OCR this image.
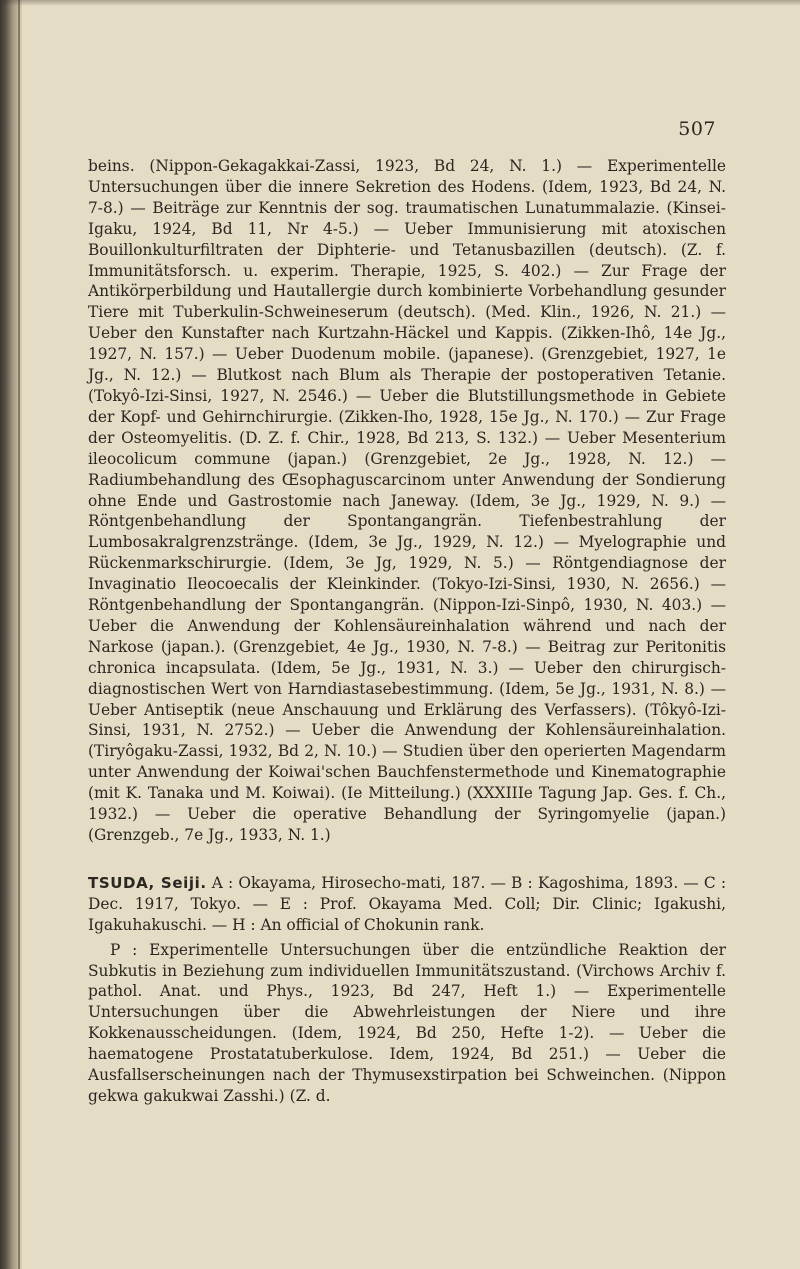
507

beins. (Nippon-Gekagakkai-Zassi, 1923, Bd 24, N. 1.) — Experimentelle Untersuchungen über die innere Sekretion des Hodens. (Idem, 1923, Bd 24, N. 7-8.) — Beiträge zur Kenntnis der sog. traumatischen Lunatummalazie. (Kinsei-Igaku, 1924, Bd 11, Nr 4-5.) — Ueber Immunisierung mit atoxischen Bouillonkulturfiltraten der Diphterie- und Tetanusbazillen (deutsch). (Z. f. Immunitätsforsch. u. experim. Therapie, 1925, S. 402.) — Zur Frage der Antikörperbildung und Hautallergie durch kombinierte Vorbehandlung gesunder Tiere mit Tuberkulin-Schweineserum (deutsch). (Med. Klin., 1926, N. 21.) — Ueber den Kunstafter nach Kurtzahn-Häckel und Kappis. (Zikken-Ihô, 14e Jg., 1927, N. 157.) — Ueber Duodenum mobile. (japanese). (Grenzgebiet, 1927, 1e Jg., N. 12.) — Blutkost nach Blum als Therapie der postoperativen Tetanie. (Tokyô-Izi-Sinsi, 1927, N. 2546.) — Ueber die Blutstillungsmethode in Gebiete der Kopf- und Gehirnchirurgie. (Zikken-Iho, 1928, 15e Jg., N. 170.) — Zur Frage der Osteomyelitis. (D. Z. f. Chir., 1928, Bd 213, S. 132.) — Ueber Mesenterium ileocolicum commune (japan.) (Grenzgebiet, 2e Jg., 1928, N. 12.) — Radiumbehandlung des Œsophaguscarcinom unter Anwendung der Sondierung ohne Ende und Gastrostomie nach Janeway. (Idem, 3e Jg., 1929, N. 9.) — Röntgenbehandlung der Spontangangrän. Tiefenbestrahlung der Lumbosakralgrenzstränge. (Idem, 3e Jg., 1929, N. 12.) — Myelographie und Rückenmarkschirurgie. (Idem, 3e Jg, 1929, N. 5.) — Röntgendiagnose der Invaginatio Ileocoecalis der Kleinkinder. (Tokyo-Izi-Sinsi, 1930, N. 2656.) — Röntgenbehandlung der Spontangangrän. (Nippon-Izi-Sinpô, 1930, N. 403.) — Ueber die Anwendung der Kohlensäureinhalation während und nach der Narkose (japan.). (Grenzgebiet, 4e Jg., 1930, N. 7-8.) — Beitrag zur Peritonitis chronica incapsulata. (Idem, 5e Jg., 1931, N. 3.) — Ueber den chirurgisch-diagnostischen Wert von Harndiastasebestimmung. (Idem, 5e Jg., 1931, N. 8.) — Ueber Antiseptik (neue Anschauung und Erklärung des Verfassers). (Tôkyô-Izi-Sinsi, 1931, N. 2752.) — Ueber die Anwendung der Kohlensäureinhalation. (Tiryôgaku-Zassi, 1932, Bd 2, N. 10.) — Studien über den operierten Magendarm unter Anwendung der Koiwai'schen Bauchfenstermethode und Kinematographie (mit K. Tanaka und M. Koiwai). (Ie Mitteilung.) (XXXIIIe Tagung Jap. Ges. f. Ch., 1932.) — Ueber die operative Behandlung der Syringomyelie (japan.) (Grenzgeb., 7e Jg., 1933, N. 1.)

TSUDA, Seiji. A : Okayama, Hirosecho-mati, 187. — B : Kagoshima, 1893. — C : Dec. 1917, Tokyo. — E : Prof. Okayama Med. Coll; Dir. Clinic; Igakushi, Igakuhakuschi. — H : An official of Chokunin rank.

P : Experimentelle Untersuchungen über die entzündliche Reaktion der Subkutis in Beziehung zum individuellen Immunitätszustand. (Virchows Archiv f. pathol. Anat. und Phys., 1923, Bd 247, Heft 1.) — Experimentelle Untersuchungen über die Abwehrleistungen der Niere und ihre Kokkenausscheidungen. (Idem, 1924, Bd 250, Hefte 1-2). — Ueber die haematogene Prostatatuberkulose. Idem, 1924, Bd 251.) — Ueber die Ausfallserscheinungen nach der Thymusexstirpation bei Schweinchen. (Nippon gekwa gakukwai Zasshi.) (Z. d.
